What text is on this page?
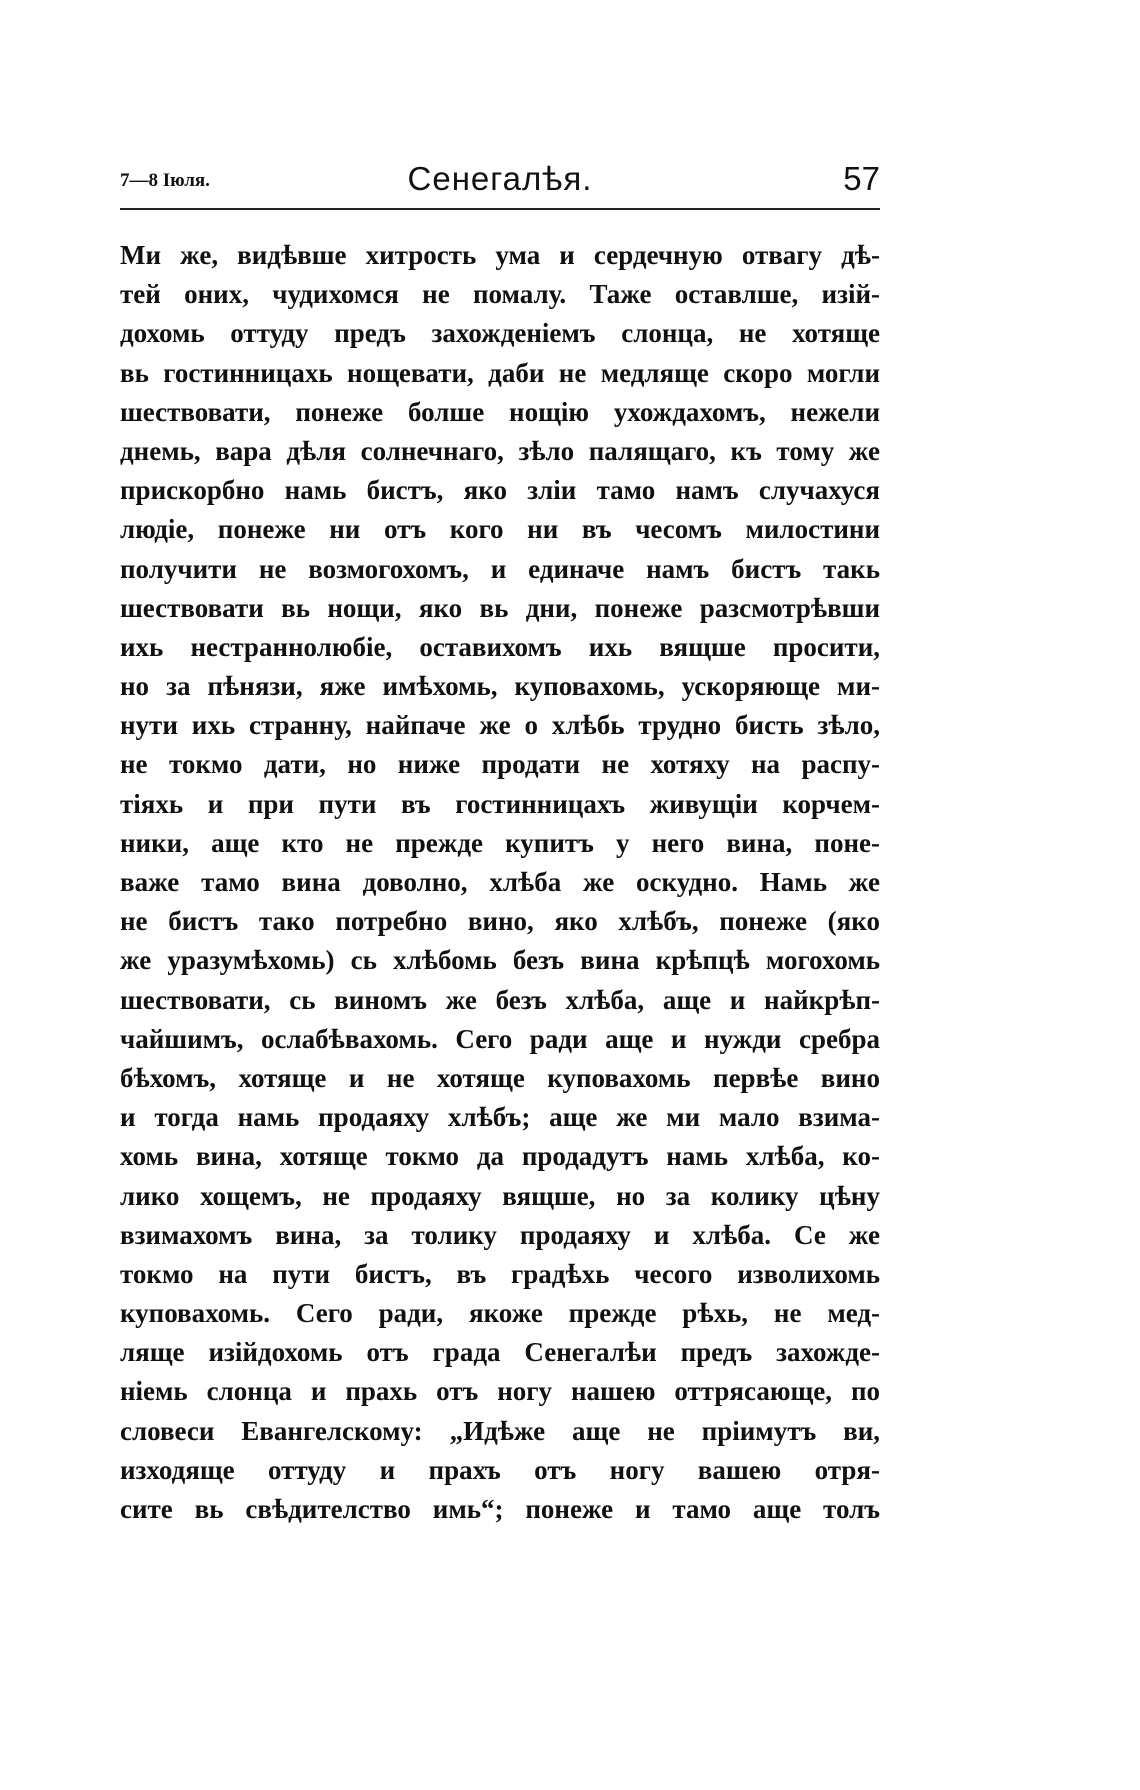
7—8 Іюля.	Сенегалѣя.	57
Ми же, видѣвше хитрость ума и сердечную отвагу дѣ-
тей оних, чудихомся не помалу. Таже оставлше, изій-
дохомь оттуду предъ захожденіемъ слонца, не хотяще
вь гостинницахь нощевати, даби не медляще скоро могли
шествовати, понеже болше нощію ухождахомъ, нежели
днемь, вара дѣля солнечнаго, зѣло палящаго, къ тому же
прискорбно намь бистъ, яко зліи тамо намъ случахуся
людіе, понеже ни отъ кого ни въ чесомъ милостини
получити не возмогохомъ, и единаче намъ бистъ такь
шествовати вь нощи, яко вь дни, понеже разсмотрѣвши
ихь нестраннолюбіе, оставихомъ ихь вящше просити,
но за пѣнязи, яже имѣхомь, куповахомь, ускоряюще ми-
нути ихь странну, найпаче же о хлѣбь трудно бисть зѣло,
не токмо дати, но ниже продати не хотяху на распу-
тіяхь и при пути въ гостинницахъ живущіи корчем-
ники, аще кто не прежде купитъ у него вина, поне-
важе тамо вина доволно, хлѣба же оскудно. Намь же
не бистъ тако потребно вино, яко хлѣбъ, понеже (яко
же уразумѣхомь) сь хлѣбомь безъ вина крѣпцѣ могохомь
шествовати, сь виномъ же безъ хлѣба, аще и найкрѣп-
чайшимъ, ослабѣвахомь. Сего ради аще и нужди сребра
бѣхомъ, хотяще и не хотяще куповахомь первѣе вино
и тогда намь продаяху хлѣбъ; аще же ми мало взима-
хомь вина, хотяще токмо да продадутъ намь хлѣба, ко-
лико хощемъ, не продаяху вящше, но за колику цѣну
взимахомъ вина, за толику продаяху и хлѣба. Се же
токмо на пути бистъ, въ градѣхь чесого изволихомь
куповахомь. Сего ради, якоже прежде рѣхь, не мед-
ляще изійдохомь отъ града Сенегалѣи предъ захожде-
ніемь слонца и прахь отъ ногу нашею оттрясающе, по
словеси Евангелскому: „Идѣже аще не пріимутъ ви,
изходяще оттуду и прахъ отъ ногу вашею отря-
сите вь свѣдителство имь“; понеже и тамо аще толъ
